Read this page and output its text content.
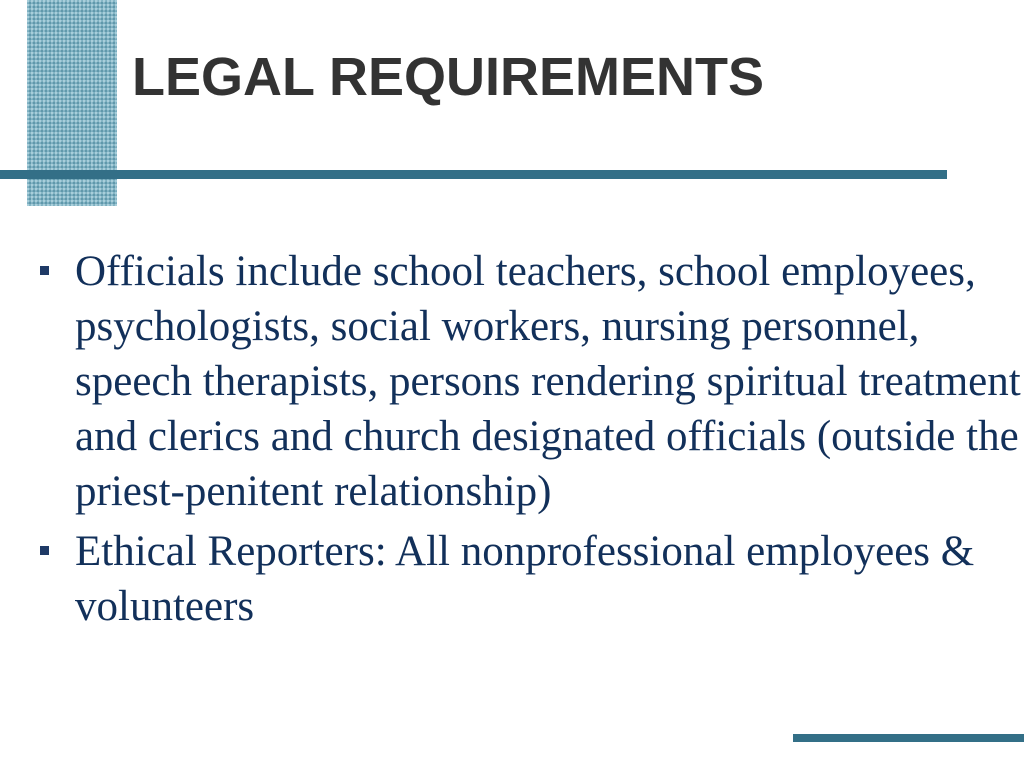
LEGAL REQUIREMENTS
Officials include school teachers, school employees, psychologists, social workers, nursing personnel, speech therapists, persons rendering spiritual treatment and clerics and church designated officials (outside the priest-penitent relationship)
Ethical Reporters: All nonprofessional employees & volunteers
